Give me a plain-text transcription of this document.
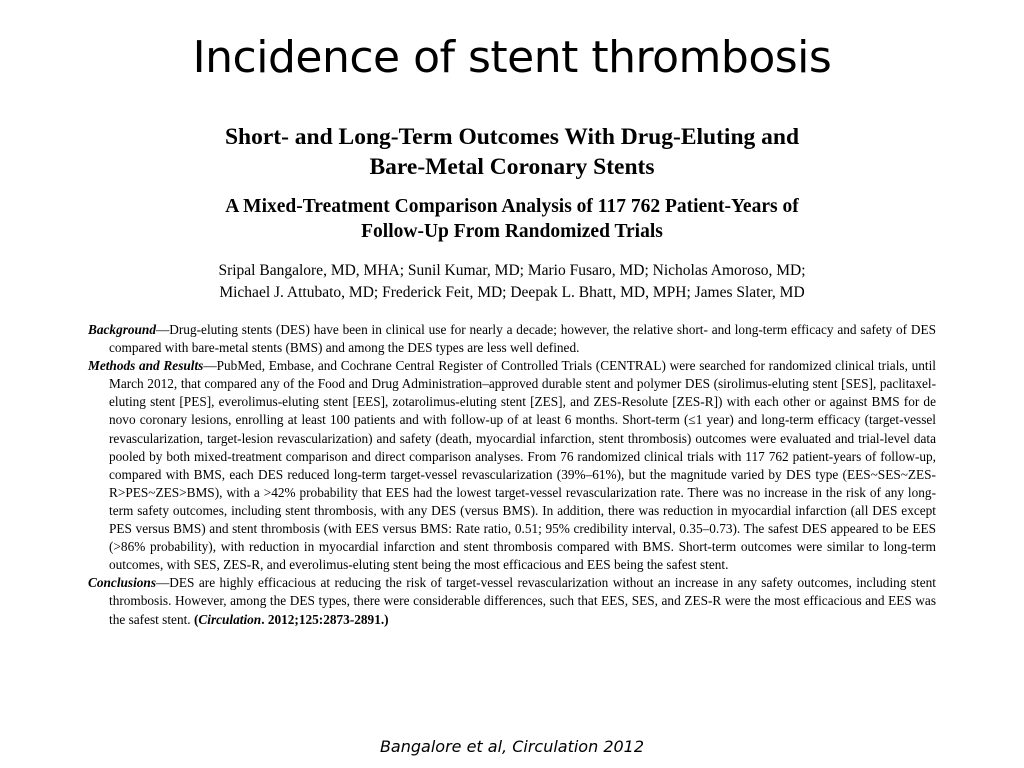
Incidence of stent thrombosis
Short- and Long-Term Outcomes With Drug-Eluting and
Bare-Metal Coronary Stents
A Mixed-Treatment Comparison Analysis of 117 762 Patient-Years of
Follow-Up From Randomized Trials
Sripal Bangalore, MD, MHA; Sunil Kumar, MD; Mario Fusaro, MD; Nicholas Amoroso, MD;
Michael J. Attubato, MD; Frederick Feit, MD; Deepak L. Bhatt, MD, MPH; James Slater, MD

Background—Drug-eluting stents (DES) have been in clinical use for nearly a decade; however, the relative short- and long-term efficacy and safety of DES compared with bare-metal stents (BMS) and among the DES types are less well defined.

Methods and Results—PubMed, Embase, and Cochrane Central Register of Controlled Trials (CENTRAL) were searched for randomized clinical trials, until March 2012, that compared any of the Food and Drug Administration–approved durable stent and polymer DES (sirolimus-eluting stent [SES], paclitaxel-eluting stent [PES], everolimus-eluting stent [EES], zotarolimus-eluting stent [ZES], and ZES-Resolute [ZES-R]) with each other or against BMS for de novo coronary lesions, enrolling at least 100 patients and with follow-up of at least 6 months. Short-term (≤1 year) and long-term efficacy (target-vessel revascularization, target-lesion revascularization) and safety (death, myocardial infarction, stent thrombosis) outcomes were evaluated and trial-level data pooled by both mixed-treatment comparison and direct comparison analyses. From 76 randomized clinical trials with 117 762 patient-years of follow-up, compared with BMS, each DES reduced long-term target-vessel revascularization (39%–61%), but the magnitude varied by DES type (EES~SES~ZES-R>PES~ZES>BMS), with a >42% probability that EES had the lowest target-vessel revascularization rate. There was no increase in the risk of any long-term safety outcomes, including stent thrombosis, with any DES (versus BMS). In addition, there was reduction in myocardial infarction (all DES except PES versus BMS) and stent thrombosis (with EES versus BMS: Rate ratio, 0.51; 95% credibility interval, 0.35–0.73). The safest DES appeared to be EES (>86% probability), with reduction in myocardial infarction and stent thrombosis compared with BMS. Short-term outcomes were similar to long-term outcomes, with SES, ZES-R, and everolimus-eluting stent being the most efficacious and EES being the safest stent.

Conclusions—DES are highly efficacious at reducing the risk of target-vessel revascularization without an increase in any safety outcomes, including stent thrombosis. However, among the DES types, there were considerable differences, such that EES, SES, and ZES-R were the most efficacious and EES was the safest stent. (Circulation. 2012;125:2873-2891.)

Bangalore et al, Circulation 2012
